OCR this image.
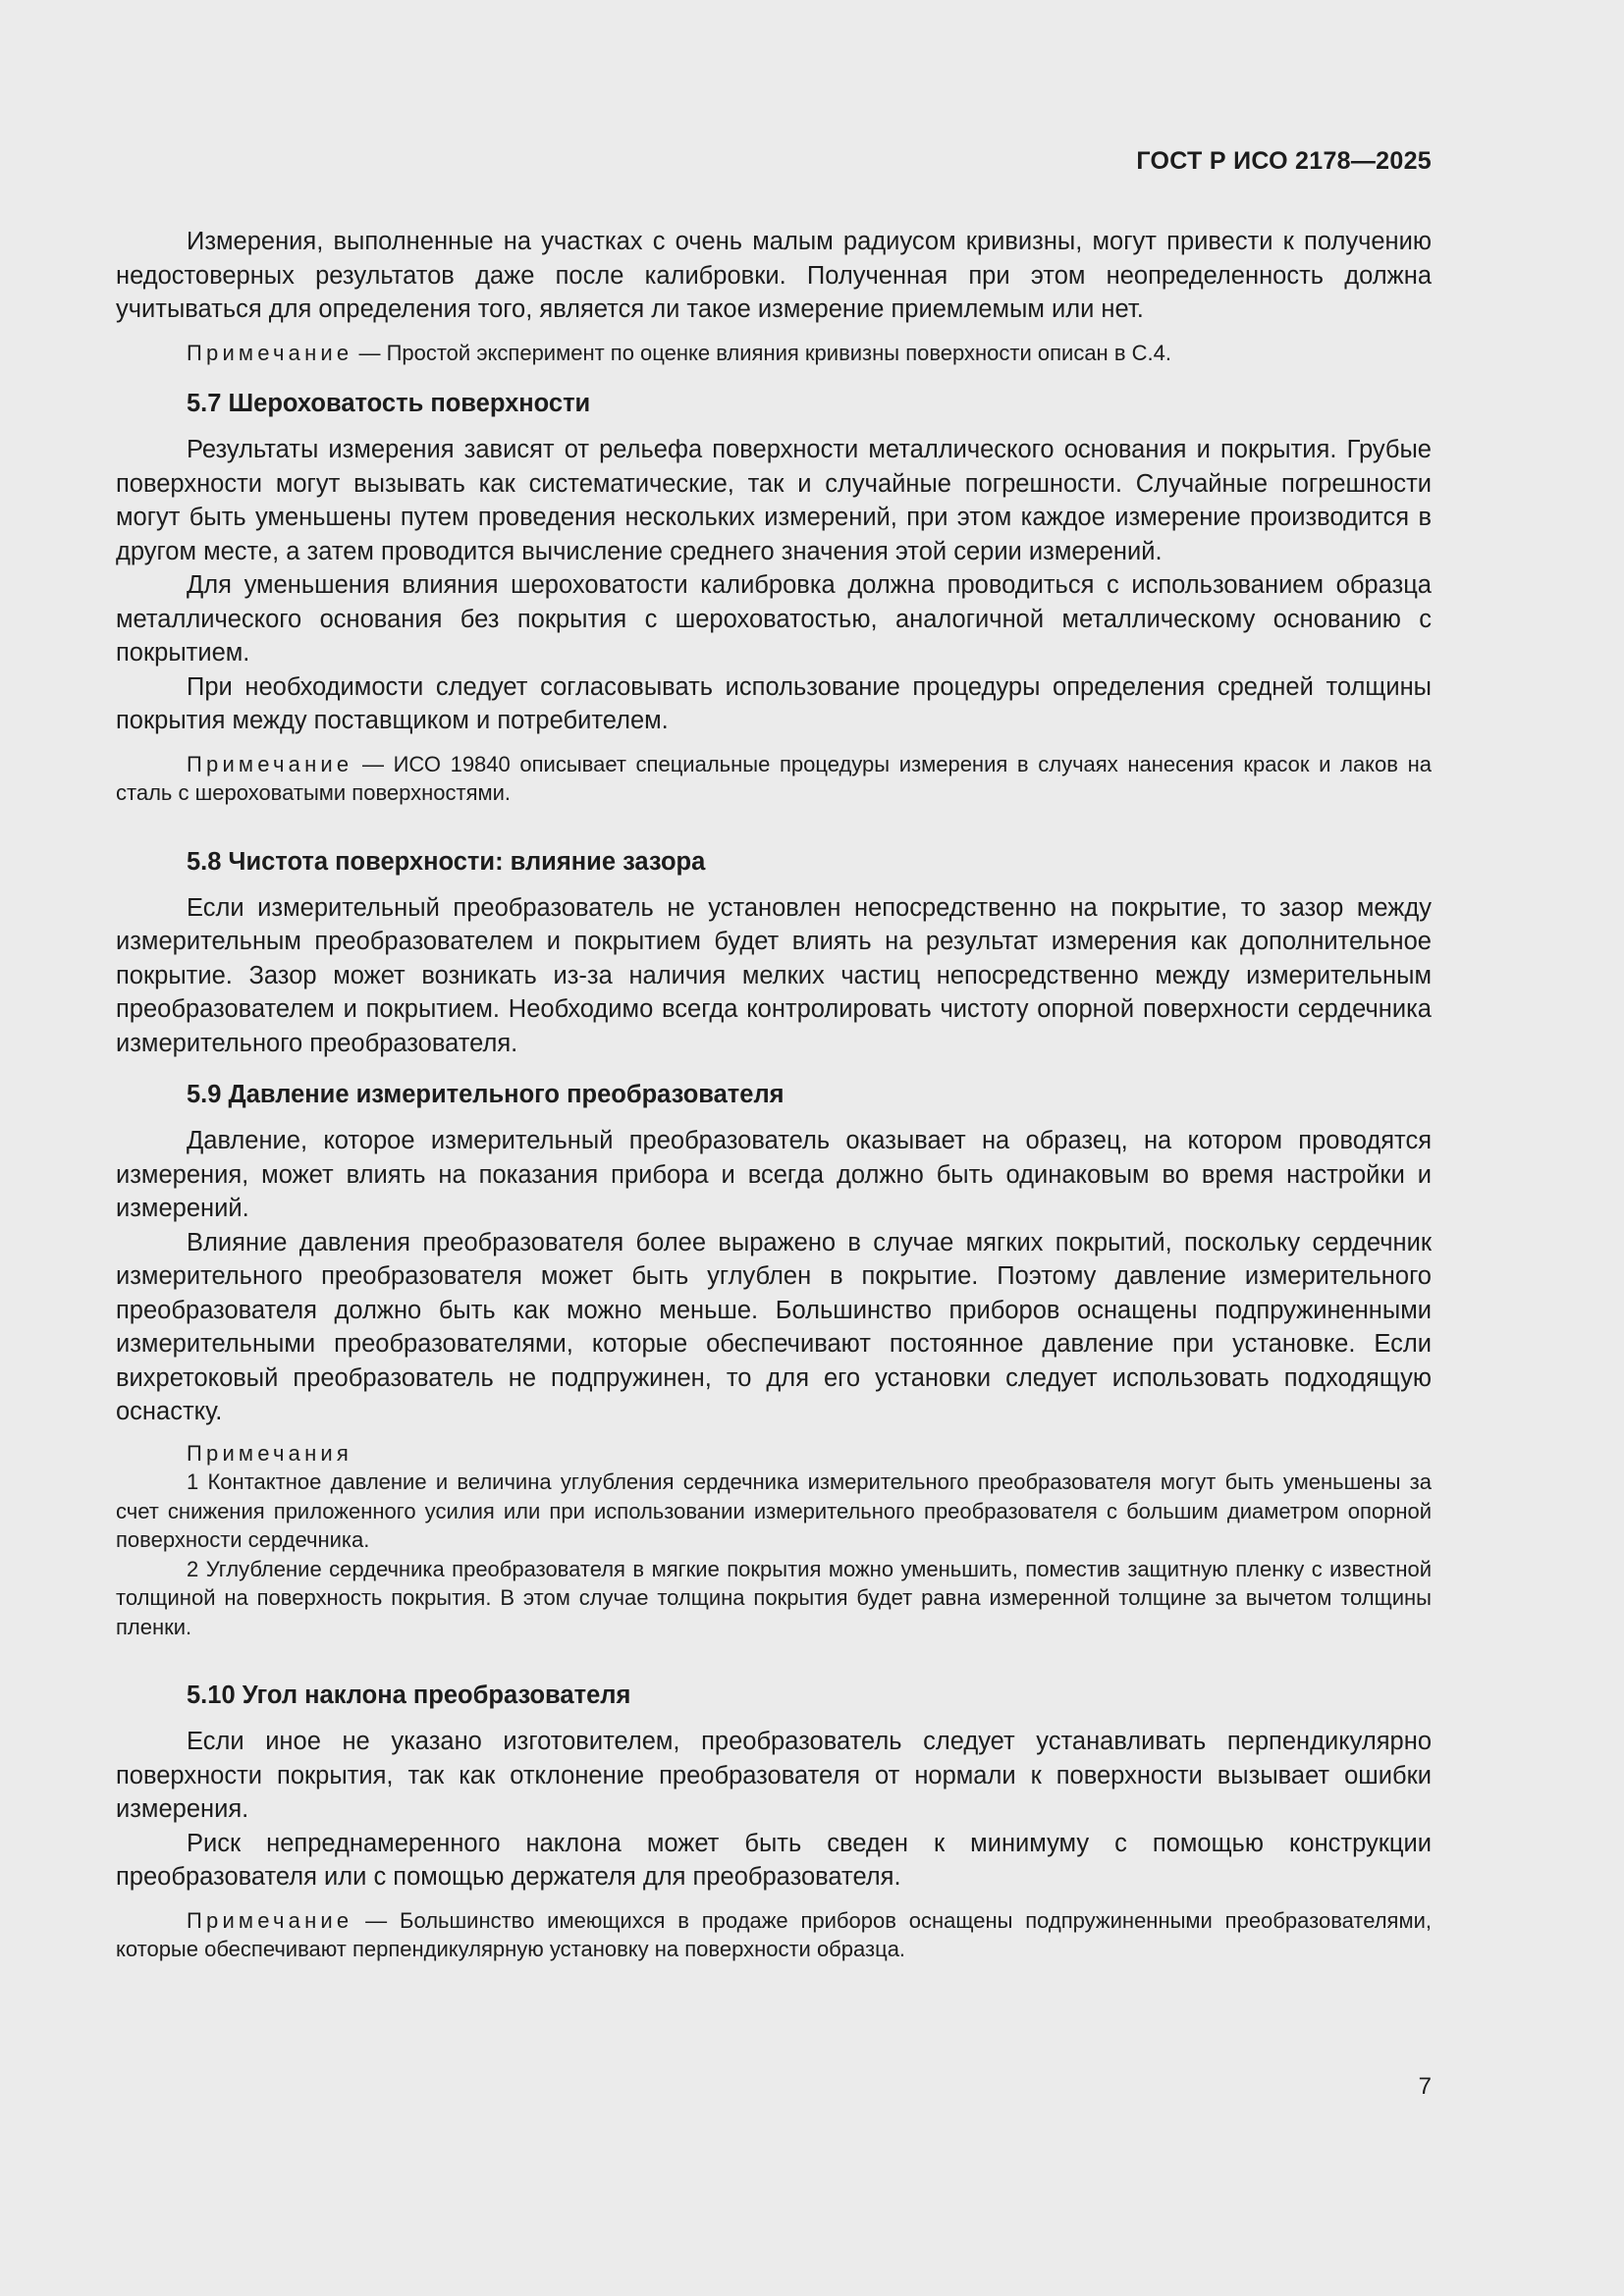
ГОСТ Р ИСО 2178—2025

Измерения, выполненные на участках с очень малым радиусом кривизны, могут привести к получению недостоверных результатов даже после калибровки. Полученная при этом неопределенность должна учитываться для определения того, является ли такое измерение приемлемым или нет.

Примечание — Простой эксперимент по оценке влияния кривизны поверхности описан в С.4.

5.7 Шероховатость поверхности

Результаты измерения зависят от рельефа поверхности металлического основания и покрытия. Грубые поверхности могут вызывать как систематические, так и случайные погрешности. Случайные погрешности могут быть уменьшены путем проведения нескольких измерений, при этом каждое измерение производится в другом месте, а затем проводится вычисление среднего значения этой серии измерений.

Для уменьшения влияния шероховатости калибровка должна проводиться с использованием образца металлического основания без покрытия с шероховатостью, аналогичной металлическому основанию с покрытием.

При необходимости следует согласовывать использование процедуры определения средней толщины покрытия между поставщиком и потребителем.

Примечание — ИСО 19840 описывает специальные процедуры измерения в случаях нанесения красок и лаков на сталь с шероховатыми поверхностями.

5.8 Чистота поверхности: влияние зазора

Если измерительный преобразователь не установлен непосредственно на покрытие, то зазор между измерительным преобразователем и покрытием будет влиять на результат измерения как дополнительное покрытие. Зазор может возникать из-за наличия мелких частиц непосредственно между измерительным преобразователем и покрытием. Необходимо всегда контролировать чистоту опорной поверхности сердечника измерительного преобразователя.

5.9 Давление измерительного преобразователя

Давление, которое измерительный преобразователь оказывает на образец, на котором проводятся измерения, может влиять на показания прибора и всегда должно быть одинаковым во время настройки и измерений.

Влияние давления преобразователя более выражено в случае мягких покрытий, поскольку сердечник измерительного преобразователя может быть углублен в покрытие. Поэтому давление измерительного преобразователя должно быть как можно меньше. Большинство приборов оснащены подпружиненными измерительными преобразователями, которые обеспечивают постоянное давление при установке. Если вихретоковый преобразователь не подпружинен, то для его установки следует использовать подходящую оснастку.

Примечания

1 Контактное давление и величина углубления сердечника измерительного преобразователя могут быть уменьшены за счет снижения приложенного усилия или при использовании измерительного преобразователя с большим диаметром опорной поверхности сердечника.

2 Углубление сердечника преобразователя в мягкие покрытия можно уменьшить, поместив защитную пленку с известной толщиной на поверхность покрытия. В этом случае толщина покрытия будет равна измеренной толщине за вычетом толщины пленки.

5.10 Угол наклона преобразователя

Если иное не указано изготовителем, преобразователь следует устанавливать перпендикулярно поверхности покрытия, так как отклонение преобразователя от нормали к поверхности вызывает ошибки измерения.

Риск непреднамеренного наклона может быть сведен к минимуму с помощью конструкции преобразователя или с помощью держателя для преобразователя.

Примечание — Большинство имеющихся в продаже приборов оснащены подпружиненными преобразователями, которые обеспечивают перпендикулярную установку на поверхности образца.

7
